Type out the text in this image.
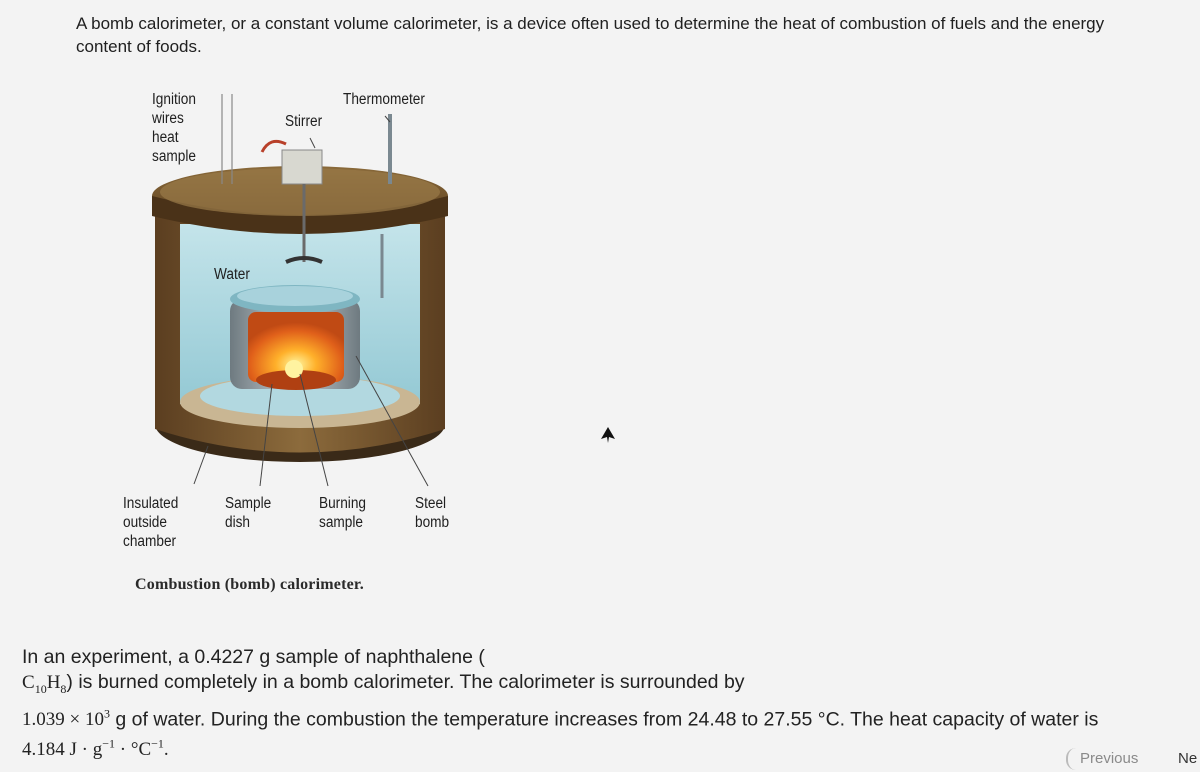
A bomb calorimeter, or a constant volume calorimeter, is a device often used to determine the heat of combustion of fuels and the energy content of foods.
Ignition
wires
heat
sample
Thermometer
Stirrer
Water
Insulated
outside
chamber
Sample
dish
Burning
sample
Steel
bomb
Combustion (bomb) calorimeter.
In an experiment, a 0.4227 g sample of naphthalene (
$C_{10}H_8$) is burned completely in a bomb calorimeter. The calorimeter is surrounded by
$1.039 \times 10^3$ g of water. During the combustion the temperature increases from 24.48 to 27.55 °C. The heat capacity of water is
4.184 $J \cdot g^{-1} \cdot ^\circ C^{-1}$.	Previous	Ne
